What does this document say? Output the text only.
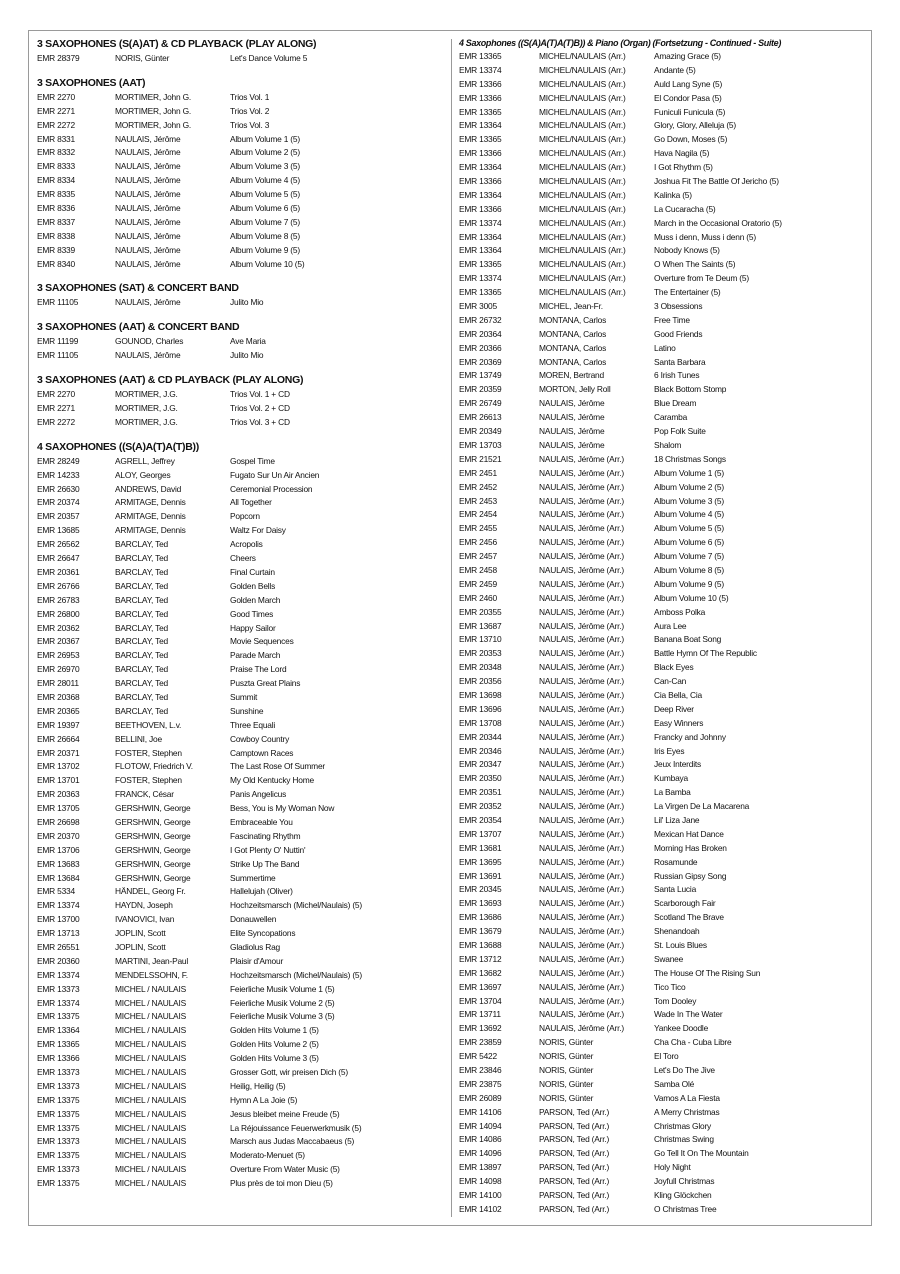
3 SAXOPHONES (S(A)AT) & CD PLAYBACK (PLAY ALONG)
EMR 28379	NORIS, Günter	Let's Dance Volume 5
3 SAXOPHONES (AAT)
EMR 2270	MORTIMER, John G.	Trios Vol. 1
EMR 2271	MORTIMER, John G.	Trios Vol. 2
EMR 2272	MORTIMER, John G.	Trios Vol. 3
EMR 8331	NAULAIS, Jérôme	Album Volume 1 (5)
EMR 8332	NAULAIS, Jérôme	Album Volume 2 (5)
EMR 8333	NAULAIS, Jérôme	Album Volume 3 (5)
EMR 8334	NAULAIS, Jérôme	Album Volume 4 (5)
EMR 8335	NAULAIS, Jérôme	Album Volume 5 (5)
EMR 8336	NAULAIS, Jérôme	Album Volume 6 (5)
EMR 8337	NAULAIS, Jérôme	Album Volume 7 (5)
EMR 8338	NAULAIS, Jérôme	Album Volume 8 (5)
EMR 8339	NAULAIS, Jérôme	Album Volume 9 (5)
EMR 8340	NAULAIS, Jérôme	Album Volume 10 (5)
3 SAXOPHONES (SAT) & CONCERT BAND
EMR 11105	NAULAIS, Jérôme	Julito Mio
3 SAXOPHONES (AAT) & CONCERT BAND
EMR 11199	GOUNOD, Charles	Ave Maria
EMR 11105	NAULAIS, Jérôme	Julito Mio
3 SAXOPHONES (AAT) & CD PLAYBACK (PLAY ALONG)
EMR 2270	MORTIMER, J.G.	Trios Vol. 1 + CD
EMR 2271	MORTIMER, J.G.	Trios Vol. 2 + CD
EMR 2272	MORTIMER, J.G.	Trios Vol. 3 + CD
4 SAXOPHONES ((S(A)A(T)A(T)B))
EMR 28249	AGRELL, Jeffrey	Gospel Time
EMR 14233	ALOY, Georges	Fugato Sur Un Air Ancien
EMR 26630	ANDREWS, David	Ceremonial Procession
EMR 20374	ARMITAGE, Dennis	All Together
EMR 20357	ARMITAGE, Dennis	Popcorn
EMR 13685	ARMITAGE, Dennis	Waltz For Daisy
EMR 26562	BARCLAY, Ted	Acropolis
EMR 26647	BARCLAY, Ted	Cheers
EMR 20361	BARCLAY, Ted	Final Curtain
EMR 26766	BARCLAY, Ted	Golden Bells
EMR 26783	BARCLAY, Ted	Golden March
EMR 26800	BARCLAY, Ted	Good Times
EMR 20362	BARCLAY, Ted	Happy Sailor
EMR 20367	BARCLAY, Ted	Movie Sequences
EMR 26953	BARCLAY, Ted	Parade March
EMR 26970	BARCLAY, Ted	Praise The Lord
EMR 28011	BARCLAY, Ted	Puszta Great Plains
EMR 20368	BARCLAY, Ted	Summit
EMR 20365	BARCLAY, Ted	Sunshine
EMR 19397	BEETHOVEN, L.v.	Three Equali
EMR 26664	BELLINI, Joe	Cowboy Country
EMR 20371	FOSTER, Stephen	Camptown Races
EMR 13702	FLOTOW, Friedrich V.	The Last Rose Of Summer
EMR 13701	FOSTER, Stephen	My Old Kentucky Home
EMR 20363	FRANCK, César	Panis Angelicus
EMR 13705	GERSHWIN, George	Bess, You is My Woman Now
EMR 26698	GERSHWIN, George	Embraceable You
EMR 20370	GERSHWIN, George	Fascinating Rhythm
EMR 13706	GERSHWIN, George	I Got Plenty O' Nuttin'
EMR 13683	GERSHWIN, George	Strike Up The Band
EMR 13684	GERSHWIN, George	Summertime
EMR 5334	HÄNDEL, Georg Fr.	Hallelujah (Oliver)
EMR 13374	HAYDN, Joseph	Hochzeitsmarsch (Michel/Naulais) (5)
EMR 13700	IVANOVICI, Ivan	Donauwellen
EMR 13713	JOPLIN, Scott	Elite Syncopations
EMR 26551	JOPLIN, Scott	Gladiolus Rag
EMR 20360	MARTINI, Jean-Paul	Plaisir d'Amour
EMR 13374	MENDELSSOHN, F.	Hochzeitsmarsch (Michel/Naulais) (5)
EMR 13373	MICHEL / NAULAIS	Feierliche Musik Volume 1 (5)
EMR 13374	MICHEL / NAULAIS	Feierliche Musik Volume 2 (5)
EMR 13375	MICHEL / NAULAIS	Feierliche Musik Volume 3 (5)
EMR 13364	MICHEL / NAULAIS	Golden Hits Volume 1 (5)
EMR 13365	MICHEL / NAULAIS	Golden Hits Volume 2 (5)
EMR 13366	MICHEL / NAULAIS	Golden Hits Volume 3 (5)
EMR 13373	MICHEL / NAULAIS	Grosser Gott, wir preisen Dich (5)
EMR 13373	MICHEL / NAULAIS	Heilig, Heilig (5)
EMR 13375	MICHEL / NAULAIS	Hymn A La Joie (5)
EMR 13375	MICHEL / NAULAIS	Jesus bleibet meine Freude (5)
EMR 13375	MICHEL / NAULAIS	La Réjouissance Feuerwerkmusik (5)
EMR 13373	MICHEL / NAULAIS	Marsch aus Judas Maccabaeus (5)
EMR 13375	MICHEL / NAULAIS	Moderato-Menuet (5)
EMR 13373	MICHEL / NAULAIS	Overture From Water Music (5)
EMR 13375	MICHEL / NAULAIS	Plus près de toi mon Dieu (5)
4 Saxophones ((S(A)A(T)A(T)B)) & Piano (Organ) (Fortsetzung - Continued - Suite)
EMR 13365	MICHEL/NAULAIS (Arr.)	Amazing Grace (5)
EMR 13374	MICHEL/NAULAIS (Arr.)	Andante (5)
EMR 13366	MICHEL/NAULAIS (Arr.)	Auld Lang Syne (5)
EMR 13366	MICHEL/NAULAIS (Arr.)	El Condor Pasa (5)
EMR 13365	MICHEL/NAULAIS (Arr.)	Funiculi Funicula (5)
EMR 13364	MICHEL/NAULAIS (Arr.)	Glory, Glory, Alleluja (5)
EMR 13365	MICHEL/NAULAIS (Arr.)	Go Down, Moses (5)
EMR 13366	MICHEL/NAULAIS (Arr.)	Hava Nagila (5)
EMR 13364	MICHEL/NAULAIS (Arr.)	I Got Rhythm (5)
EMR 13366	MICHEL/NAULAIS (Arr.)	Joshua Fit The Battle Of Jericho (5)
EMR 13364	MICHEL/NAULAIS (Arr.)	Kalinka (5)
EMR 13366	MICHEL/NAULAIS (Arr.)	La Cucaracha (5)
EMR 13374	MICHEL/NAULAIS (Arr.)	March in the Occasional Oratorio (5)
EMR 13364	MICHEL/NAULAIS (Arr.)	Muss i denn, Muss i denn (5)
EMR 13364	MICHEL/NAULAIS (Arr.)	Nobody Knows (5)
EMR 13365	MICHEL/NAULAIS (Arr.)	O When The Saints (5)
EMR 13374	MICHEL/NAULAIS (Arr.)	Overture from Te Deum (5)
EMR 13365	MICHEL/NAULAIS (Arr.)	The Entertainer (5)
EMR 3005	MICHEL, Jean-Fr.	3 Obsessions
EMR 26732	MONTANA, Carlos	Free Time
EMR 20364	MONTANA, Carlos	Good Friends
EMR 20366	MONTANA, Carlos	Latino
EMR 20369	MONTANA, Carlos	Santa Barbara
EMR 13749	MOREN, Bertrand	6 Irish Tunes
EMR 20359	MORTON, Jelly Roll	Black Bottom Stomp
EMR 26749	NAULAIS, Jérôme	Blue Dream
EMR 26613	NAULAIS, Jérôme	Caramba
EMR 20349	NAULAIS, Jérôme	Pop Folk Suite
EMR 13703	NAULAIS, Jérôme	Shalom
EMR 21521	NAULAIS, Jérôme (Arr.)	18 Christmas Songs
EMR 2451	NAULAIS, Jérôme (Arr.)	Album Volume 1 (5)
EMR 2452	NAULAIS, Jérôme (Arr.)	Album Volume 2 (5)
EMR 2453	NAULAIS, Jérôme (Arr.)	Album Volume 3 (5)
EMR 2454	NAULAIS, Jérôme (Arr.)	Album Volume 4 (5)
EMR 2455	NAULAIS, Jérôme (Arr.)	Album Volume 5 (5)
EMR 2456	NAULAIS, Jérôme (Arr.)	Album Volume 6 (5)
EMR 2457	NAULAIS, Jérôme (Arr.)	Album Volume 7 (5)
EMR 2458	NAULAIS, Jérôme (Arr.)	Album Volume 8 (5)
EMR 2459	NAULAIS, Jérôme (Arr.)	Album Volume 9 (5)
EMR 2460	NAULAIS, Jérôme (Arr.)	Album Volume 10 (5)
EMR 20355	NAULAIS, Jérôme (Arr.)	Amboss Polka
EMR 13687	NAULAIS, Jérôme (Arr.)	Aura Lee
EMR 13710	NAULAIS, Jérôme (Arr.)	Banana Boat Song
EMR 20353	NAULAIS, Jérôme (Arr.)	Battle Hymn Of The Republic
EMR 20348	NAULAIS, Jérôme (Arr.)	Black Eyes
EMR 20356	NAULAIS, Jérôme (Arr.)	Can-Can
EMR 13698	NAULAIS, Jérôme (Arr.)	Cia Bella, Cia
EMR 13696	NAULAIS, Jérôme (Arr.)	Deep River
EMR 13708	NAULAIS, Jérôme (Arr.)	Easy Winners
EMR 20344	NAULAIS, Jérôme (Arr.)	Francky and Johnny
EMR 20346	NAULAIS, Jérôme (Arr.)	Iris Eyes
EMR 20347	NAULAIS, Jérôme (Arr.)	Jeux Interdits
EMR 20350	NAULAIS, Jérôme (Arr.)	Kumbaya
EMR 20351	NAULAIS, Jérôme (Arr.)	La Bamba
EMR 20352	NAULAIS, Jérôme (Arr.)	La Virgen De La Macarena
EMR 20354	NAULAIS, Jérôme (Arr.)	Lil' Liza Jane
EMR 13707	NAULAIS, Jérôme (Arr.)	Mexican Hat Dance
EMR 13681	NAULAIS, Jérôme (Arr.)	Morning Has Broken
EMR 13695	NAULAIS, Jérôme (Arr.)	Rosamunde
EMR 13691	NAULAIS, Jérôme (Arr.)	Russian Gipsy Song
EMR 20345	NAULAIS, Jérôme (Arr.)	Santa Lucia
EMR 13693	NAULAIS, Jérôme (Arr.)	Scarborough Fair
EMR 13686	NAULAIS, Jérôme (Arr.)	Scotland The Brave
EMR 13679	NAULAIS, Jérôme (Arr.)	Shenandoah
EMR 13688	NAULAIS, Jérôme (Arr.)	St. Louis Blues
EMR 13712	NAULAIS, Jérôme (Arr.)	Swanee
EMR 13682	NAULAIS, Jérôme (Arr.)	The House Of The Rising Sun
EMR 13697	NAULAIS, Jérôme (Arr.)	Tico Tico
EMR 13704	NAULAIS, Jérôme (Arr.)	Tom Dooley
EMR 13711	NAULAIS, Jérôme (Arr.)	Wade In The Water
EMR 13692	NAULAIS, Jérôme (Arr.)	Yankee Doodle
EMR 23859	NORIS, Günter	Cha Cha - Cuba Libre
EMR 5422	NORIS, Günter	El Toro
EMR 23846	NORIS, Günter	Let's Do The Jive
EMR 23875	NORIS, Günter	Samba Olé
EMR 26089	NORIS, Günter	Vamos A La Fiesta
EMR 14106	PARSON, Ted (Arr.)	A Merry Christmas
EMR 14094	PARSON, Ted (Arr.)	Christmas Glory
EMR 14086	PARSON, Ted (Arr.)	Christmas Swing
EMR 14096	PARSON, Ted (Arr.)	Go Tell It On The Mountain
EMR 13897	PARSON, Ted (Arr.)	Holy Night
EMR 14098	PARSON, Ted (Arr.)	Joyfull Christmas
EMR 14100	PARSON, Ted (Arr.)	Kling Glöckchen
EMR 14102	PARSON, Ted (Arr.)	O Christmas Tree
